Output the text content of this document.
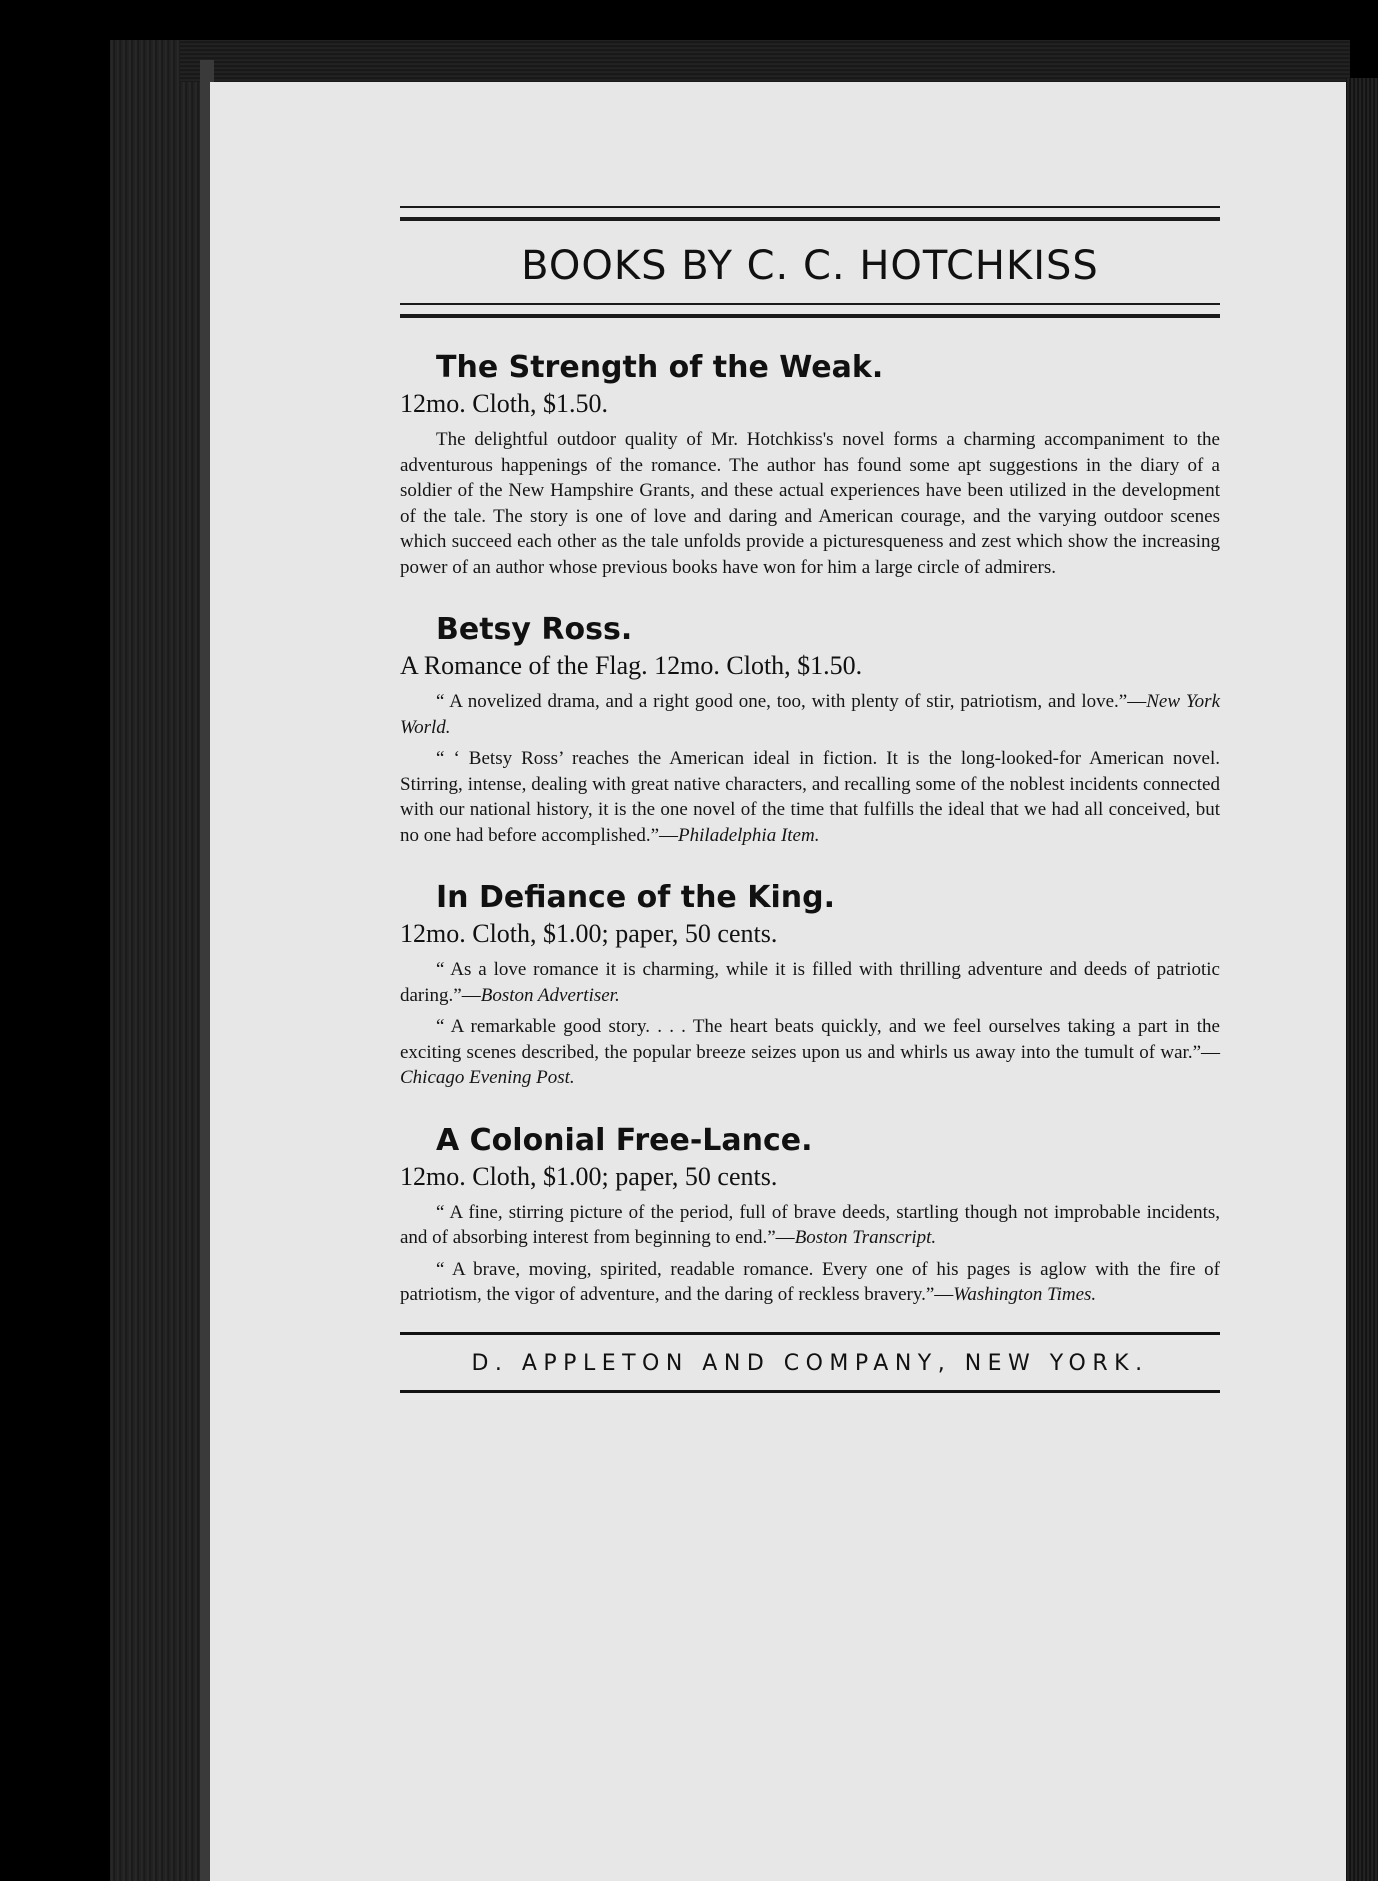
BOOKS BY C. C. HOTCHKISS
The Strength of the Weak.
12mo. Cloth, $1.50.
The delightful outdoor quality of Mr. Hotchkiss's novel forms a charming accompaniment to the adventurous happenings of the romance. The author has found some apt suggestions in the diary of a soldier of the New Hampshire Grants, and these actual experiences have been utilized in the development of the tale. The story is one of love and daring and American courage, and the varying outdoor scenes which succeed each other as the tale unfolds provide a picturesqueness and zest which show the increasing power of an author whose previous books have won for him a large circle of admirers.
Betsy Ross.
A Romance of the Flag. 12mo. Cloth, $1.50.
“ A novelized drama, and a right good one, too, with plenty of stir, patriotism, and love.”—New York World.
“ ‘ Betsy Ross’ reaches the American ideal in fiction. It is the long-looked-for American novel. Stirring, intense, dealing with great native characters, and recalling some of the noblest incidents connected with our national history, it is the one novel of the time that fulfills the ideal that we had all conceived, but no one had before accomplished.”—Philadelphia Item.
In Defiance of the King.
12mo. Cloth, $1.00; paper, 50 cents.
“ As a love romance it is charming, while it is filled with thrilling adventure and deeds of patriotic daring.”—Boston Advertiser.
“ A remarkable good story. . . . The heart beats quickly, and we feel ourselves taking a part in the exciting scenes described, the popular breeze seizes upon us and whirls us away into the tumult of war.”—Chicago Evening Post.
A Colonial Free-Lance.
12mo. Cloth, $1.00; paper, 50 cents.
“ A fine, stirring picture of the period, full of brave deeds, startling though not improbable incidents, and of absorbing interest from beginning to end.”—Boston Transcript.
“ A brave, moving, spirited, readable romance. Every one of his pages is aglow with the fire of patriotism, the vigor of adventure, and the daring of reckless bravery.”—Washington Times.
D. APPLETON AND COMPANY, NEW YORK.
